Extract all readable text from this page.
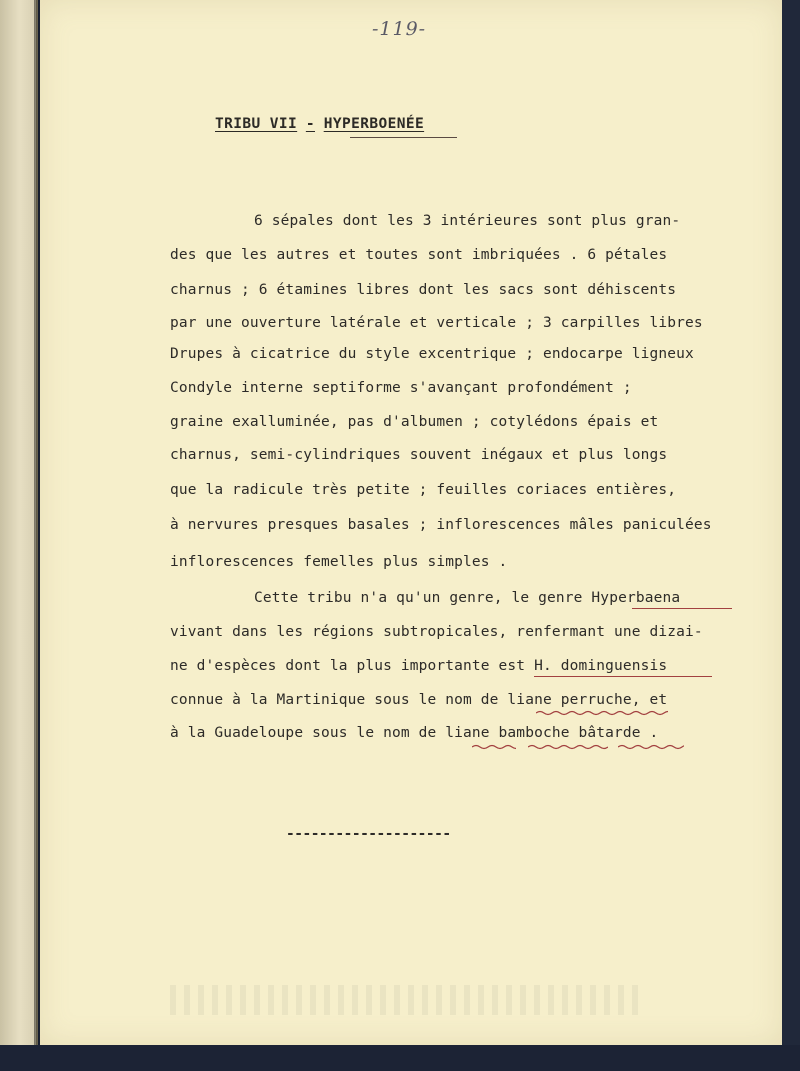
-119-
TRIBU VII - HYPERBOENÉE
6 sépales dont les 3 intérieures sont plus gran-
des que les autres et toutes sont imbriquées . 6 pétales
charnus ; 6 étamines libres dont les sacs sont déhiscents
par une ouverture latérale et verticale ; 3 carpilles libres
Drupes à cicatrice du style excentrique ; endocarpe ligneux
Condyle interne septiforme s'avançant profondément ;
graine exalluminée, pas d'albumen ; cotylédons épais et
charnus, semi-cylindriques souvent inégaux et plus longs
que la radicule très petite ; feuilles coriaces entières,
à nervures presques basales ; inflorescences mâles paniculées
inflorescences femelles plus simples .
Cette tribu n'a qu'un genre, le genre Hyperbaena
vivant dans les régions subtropicales, renfermant une dizai-
ne d'espèces dont la plus importante est H. dominguensis
connue à la Martinique sous le nom de liane perruche, et
à la Guadeloupe sous le nom de liane bamboche bâtarde .
--------------------
